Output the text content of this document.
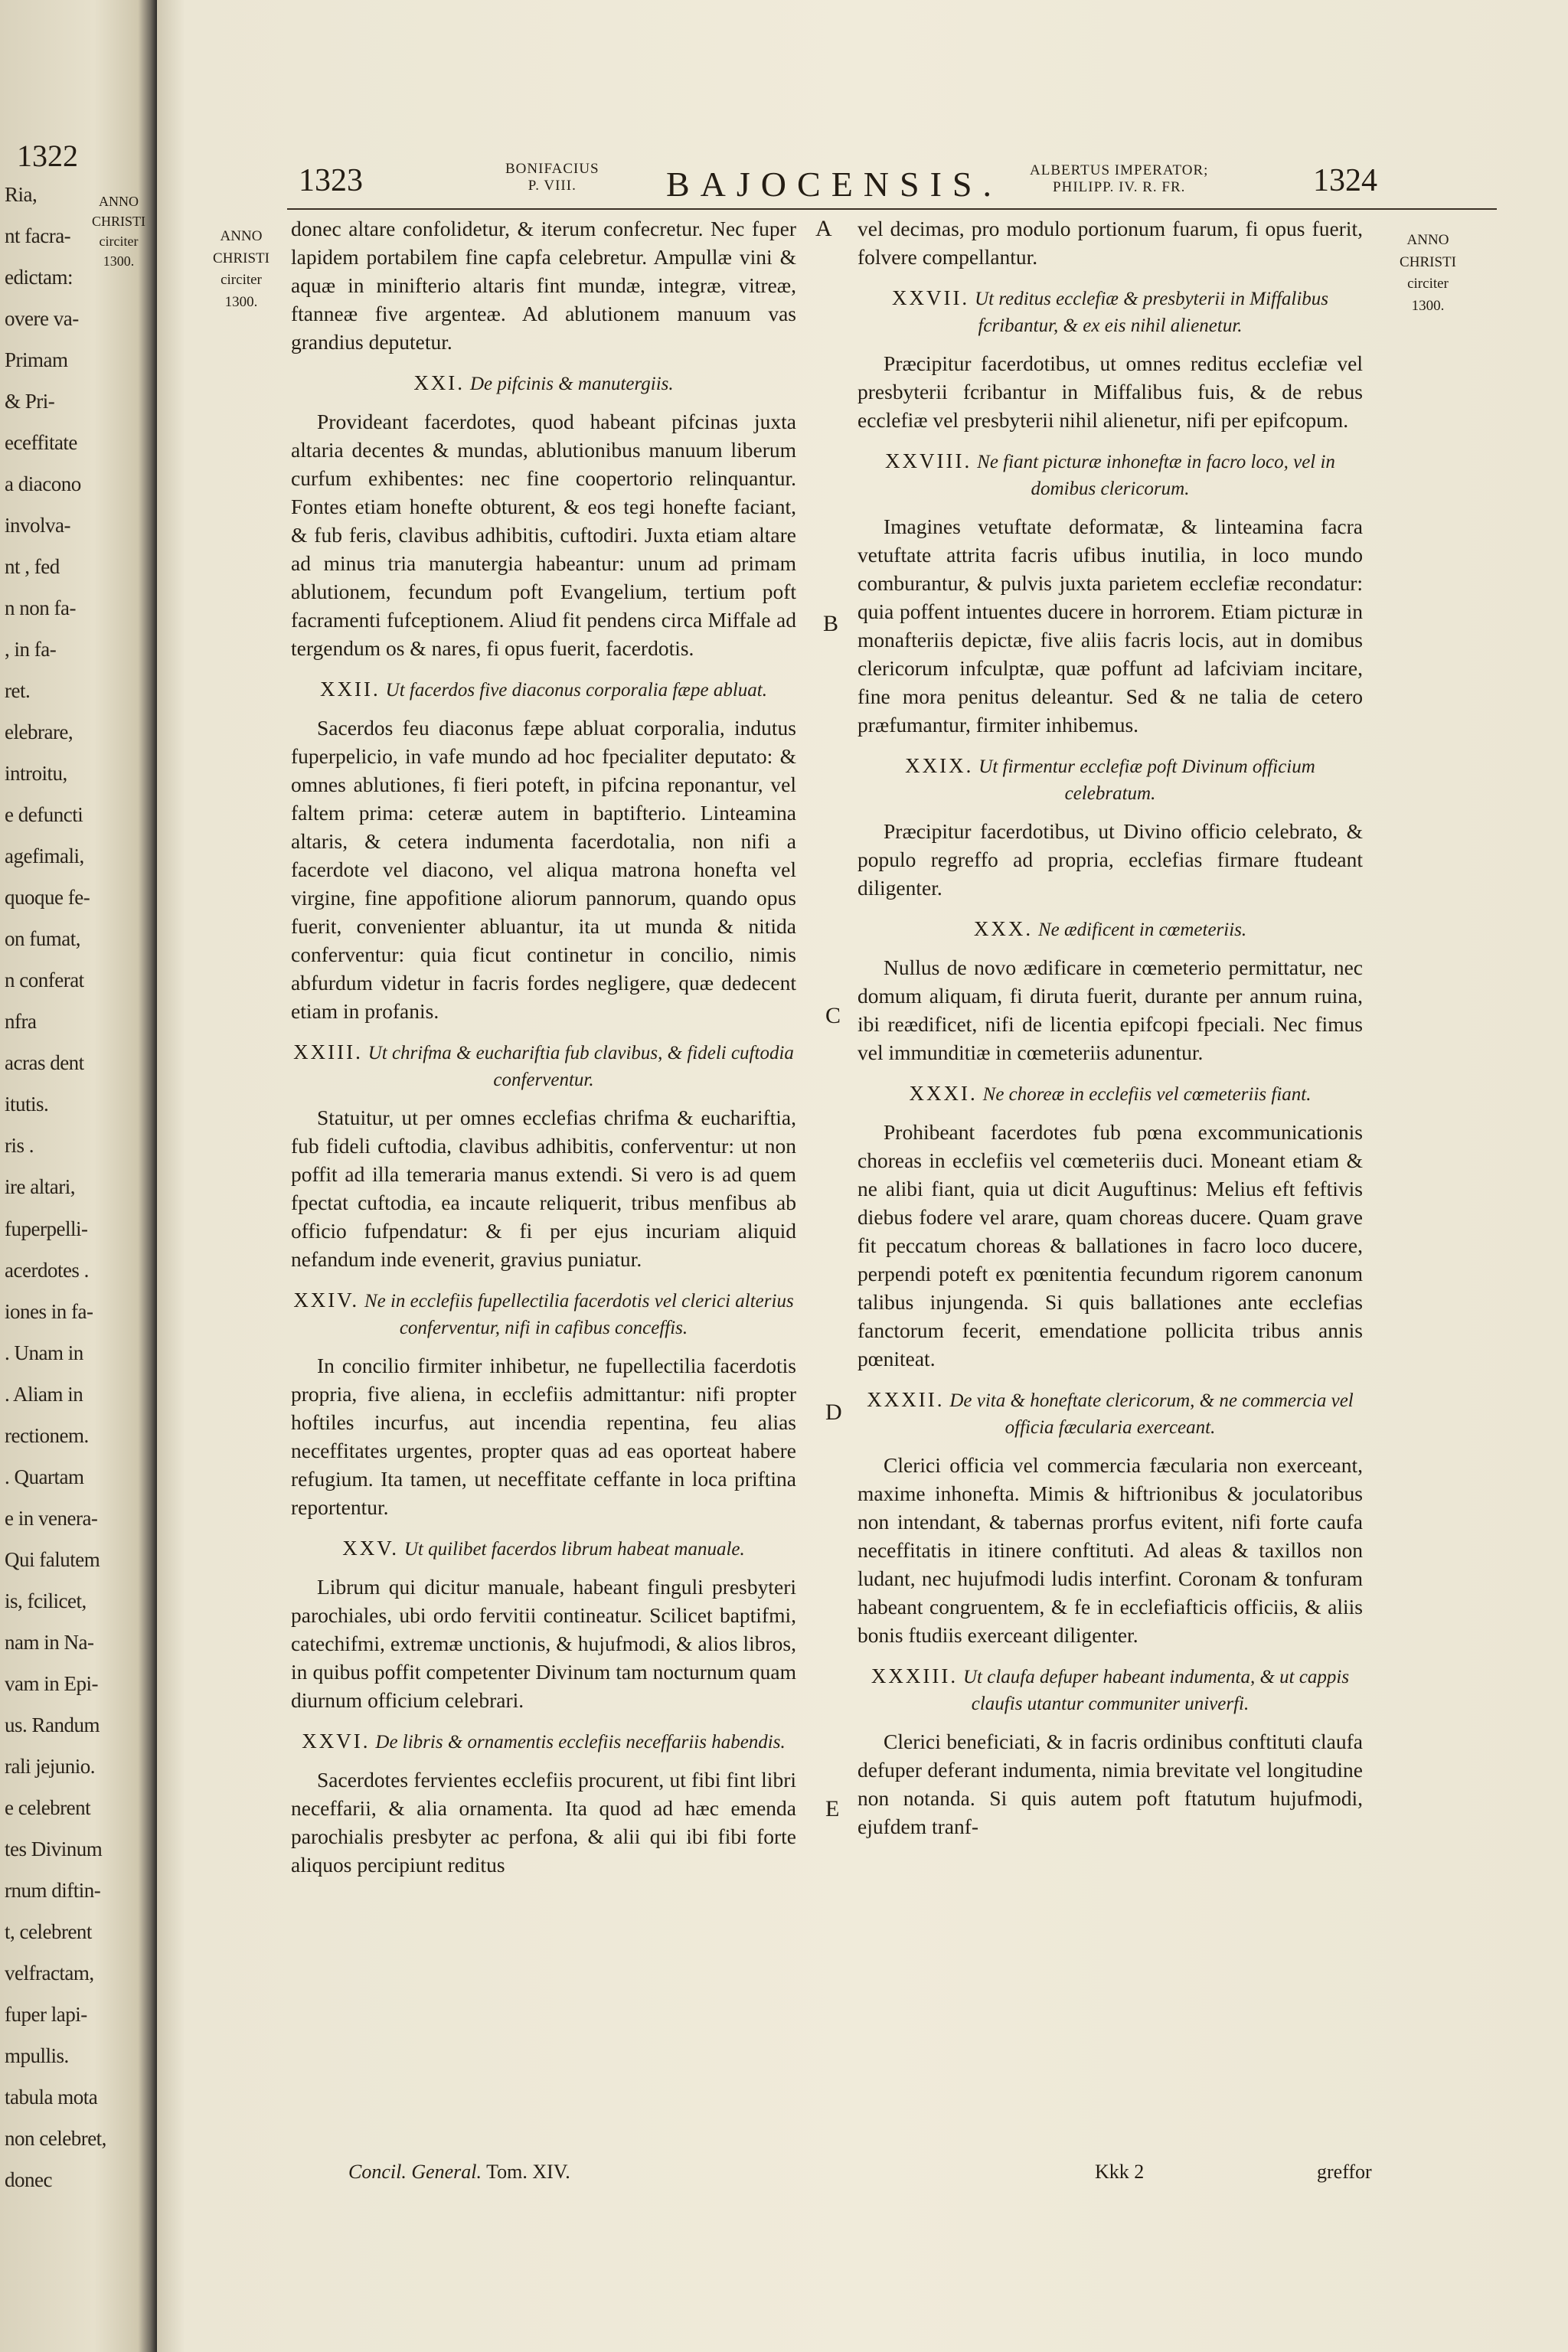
1322
ANNO
CHRISTI
circiter
1300.
Ria,
nt facra-
edictam:
overe va-
Primam
& Pri-
eceffitate
a diacono
involva-
nt , fed
n non fa-
, in fa-
ret.
elebrare,
introitu,
e defuncti
agefimali,
quoque fe-
on fumat,
n conferat
nfra
acras dent
itutis.
ris .
ire altari,
fuperpelli-
acerdotes .
iones in fa-
. Unam in
. Aliam in
rectionem.
. Quartam
e in venera-
Qui falutem
is, fcilicet,
nam in Na-
vam in Epi-
us. Randum
rali jejunio.
e celebrent
tes Divinum
rnum diftin-
t, celebrent
velfractam,
fuper lapi-
mpullis.
tabula mota
non celebret,
donec
1323	BONIFACIUS
P. VIII.	BAJOCENSIS. ALBERTUS IMPERATOR;
PHILIPP. IV. R. FR.	1324
ANNO
CHRISTI
circiter
1300.
ANNO
CHRISTI
circiter
1300.
A
B
C
D
E

donec altare confolidetur, & iterum confecretur. Nec fuper lapidem portabilem fine capfa celebretur. Ampullæ vini & aquæ in minifterio altaris fint mundæ, integræ, vitreæ, ftanneæ five argenteæ. Ad ablutionem manuum vas grandius deputetur.

XXI. De pifcinis & manutergiis.

Provideant facerdotes, quod habeant pifcinas juxta altaria decentes & mundas, ablutionibus manuum liberum curfum exhibentes: nec fine coopertorio relinquantur. Fontes etiam honefte obturent, & eos tegi honefte faciant, & fub feris, clavibus adhibitis, cuftodiri. Juxta etiam altare ad minus tria manutergia habeantur: unum ad primam ablutionem, fecundum poft Evangelium, tertium poft facramenti fufceptionem. Aliud fit pendens circa Miffale ad tergendum os & nares, fi opus fuerit, facerdotis.

XXII. Ut facerdos five diaconus corporalia fæpe abluat.

Sacerdos feu diaconus fæpe abluat corporalia, indutus fuperpelicio, in vafe mundo ad hoc fpecialiter deputato: & omnes ablutiones, fi fieri poteft, in pifcina reponantur, vel faltem prima: ceteræ autem in baptifterio. Linteamina altaris, & cetera indumenta facerdotalia, non nifi a facerdote vel diacono, vel aliqua matrona honefta vel virgine, fine appofitione aliorum pannorum, quando opus fuerit, convenienter abluantur, ita ut munda & nitida conferventur: quia ficut continetur in concilio, nimis abfurdum videtur in facris fordes negligere, quæ dedecent etiam in profanis.

XXIII. Ut chrifma & euchariftia fub clavibus, & fideli cuftodia conferventur.

Statuitur, ut per omnes ecclefias chrifma & euchariftia, fub fideli cuftodia, clavibus adhibitis, conferventur: ut non poffit ad illa temeraria manus extendi. Si vero is ad quem fpectat cuftodia, ea incaute reliquerit, tribus menfibus ab officio fufpendatur: & fi per ejus incuriam aliquid nefandum inde evenerit, gravius puniatur.

XXIV. Ne in ecclefiis fupellectilia facerdotis vel clerici alterius conferventur, nifi in cafibus conceffis.

In concilio firmiter inhibetur, ne fupellectilia facerdotis propria, five aliena, in ecclefiis admittantur: nifi propter hoftiles incurfus, aut incendia repentina, feu alias neceffitates urgentes, propter quas ad eas oporteat habere refugium. Ita tamen, ut neceffitate ceffante in loca priftina reportentur.

XXV. Ut quilibet facerdos librum habeat manuale.

Librum qui dicitur manuale, habeant finguli presbyteri parochiales, ubi ordo fervitii contineatur. Scilicet baptifmi, catechifmi, extremæ unctionis, & hujufmodi, & alios libros, in quibus poffit competenter Divinum tam nocturnum quam diurnum officium celebrari.

XXVI. De libris & ornamentis ecclefiis neceffariis habendis.

Sacerdotes fervientes ecclefiis procurent, ut fibi fint libri neceffarii, & alia ornamenta. Ita quod ad hæc emenda parochialis presbyter ac perfona, & alii qui ibi fibi forte aliquos percipiunt reditus

vel decimas, pro modulo portionum fuarum, fi opus fuerit, folvere compellantur.

XXVII. Ut reditus ecclefiæ & presbyterii in Miffalibus fcribantur, & ex eis nihil alienetur.

Præcipitur facerdotibus, ut omnes reditus ecclefiæ vel presbyterii fcribantur in Miffalibus fuis, & de rebus ecclefiæ vel presbyterii nihil alienetur, nifi per epifcopum.

XXVIII. Ne fiant picturæ inhoneftæ in facro loco, vel in domibus clericorum.

Imagines vetuftate deformatæ, & linteamina facra vetuftate attrita facris ufibus inutilia, in loco mundo comburantur, & pulvis juxta parietem ecclefiæ recondatur: quia poffent intuentes ducere in horrorem. Etiam picturæ in monafteriis depictæ, five aliis facris locis, aut in domibus clericorum infculptæ, quæ poffunt ad lafciviam incitare, fine mora penitus deleantur. Sed & ne talia de cetero præfumantur, firmiter inhibemus.

XXIX. Ut firmentur ecclefiæ poft Divinum officium celebratum.

Præcipitur facerdotibus, ut Divino officio celebrato, & populo regreffo ad propria, ecclefias firmare ftudeant diligenter.

XXX. Ne ædificent in cœmeteriis.

Nullus de novo ædificare in cœmeterio permittatur, nec domum aliquam, fi diruta fuerit, durante per annum ruina, ibi reædificet, nifi de licentia epifcopi fpeciali. Nec fimus vel immunditiæ in cœmeteriis adunentur.

XXXI. Ne choreæ in ecclefiis vel cœmeteriis fiant.

Prohibeant facerdotes fub pœna excommunicationis choreas in ecclefiis vel cœmeteriis duci. Moneant etiam & ne alibi fiant, quia ut dicit Auguftinus: Melius eft feftivis diebus fodere vel arare, quam choreas ducere. Quam grave fit peccatum choreas & ballationes in facro loco ducere, perpendi poteft ex pœnitentia fecundum rigorem canonum talibus injungenda. Si quis ballationes ante ecclefias fanctorum fecerit, emendatione pollicita tribus annis pœniteat.

XXXII. De vita & honeftate clericorum, & ne commercia vel officia fæcularia exerceant.

Clerici officia vel commercia fæcularia non exerceant, maxime inhonefta. Mimis & hiftrionibus & joculatoribus non intendant, & tabernas prorfus evitent, nifi forte caufa neceffitatis in itinere conftituti. Ad aleas & taxillos non ludant, nec hujufmodi ludis interfint. Coronam & tonfuram habeant congruentem, & fe in ecclefiafticis officiis, & aliis bonis ftudiis exerceant diligenter.

XXXIII. Ut claufa defuper habeant indumenta, & ut cappis claufis utantur communiter univerfi.

Clerici beneficiati, & in facris ordinibus conftituti claufa defuper deferant indumenta, nimia brevitate vel longitudine non notanda. Si quis autem poft ftatutum hujufmodi, ejufdem tranf-

Concil. General. Tom. XIV.	Kkk 2	greffor
